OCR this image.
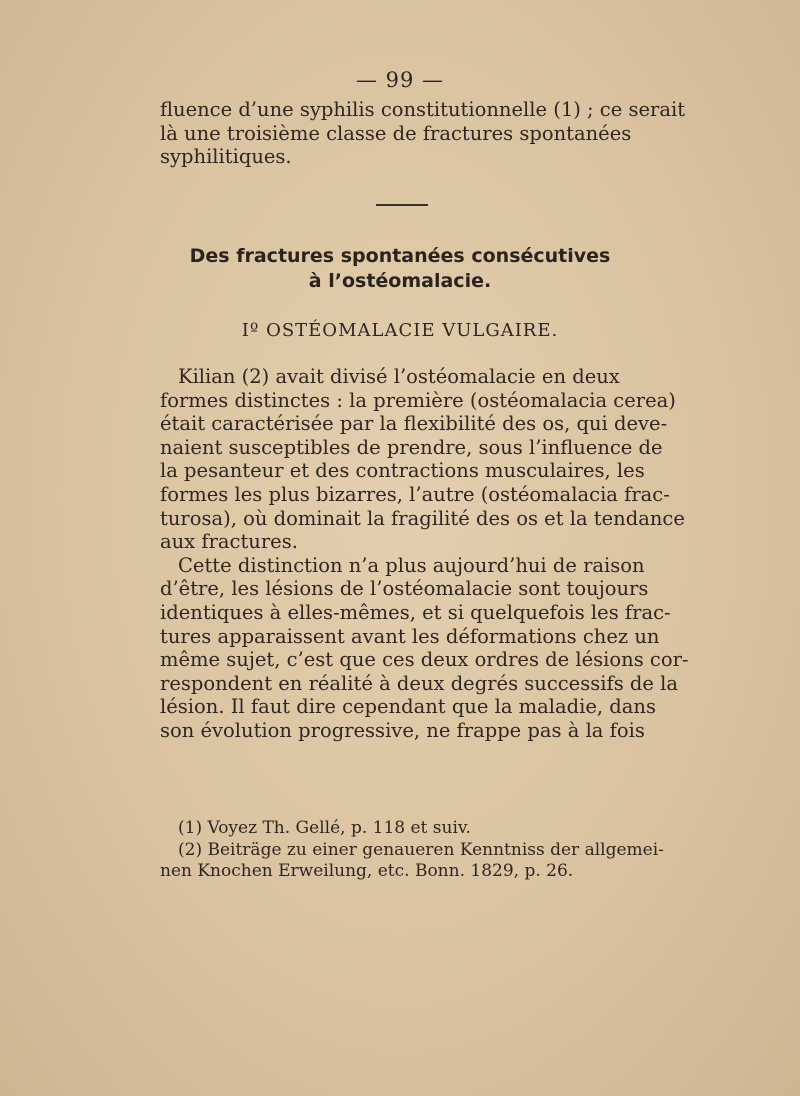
— 99 —
fluence d’une syphilis constitutionnelle (1) ; ce serait
là une troisième classe de fractures spontanées
syphilitiques.
Des fractures spontanées consécutives
à l’ostéomalacie.
Iº OSTÉOMALACIE VULGAIRE.
Kilian (2) avait divisé l’ostéomalacie en deux
formes distinctes : la première (ostéomalacia cerea)
était caractérisée par la flexibilité des os, qui deve-
naient susceptibles de prendre, sous l’influence de
la pesanteur et des contractions musculaires, les
formes les plus bizarres, l’autre (ostéomalacia frac-
turosa), où dominait la fragilité des os et la tendance
aux fractures.
Cette distinction n’a plus aujourd’hui de raison
d’être, les lésions de l’ostéomalacie sont toujours
identiques à elles-mêmes, et si quelquefois les frac-
tures apparaissent avant les déformations chez un
même sujet, c’est que ces deux ordres de lésions cor-
respondent en réalité à deux degrés successifs de la
lésion. Il faut dire cependant que la maladie, dans
son évolution progressive, ne frappe pas à la fois
(1) Voyez Th. Gellé, p. 118 et suiv.
(2) Beiträge zu einer genaueren Kenntniss der allgemei-
nen Knochen Erweilung, etc. Bonn. 1829, p. 26.
